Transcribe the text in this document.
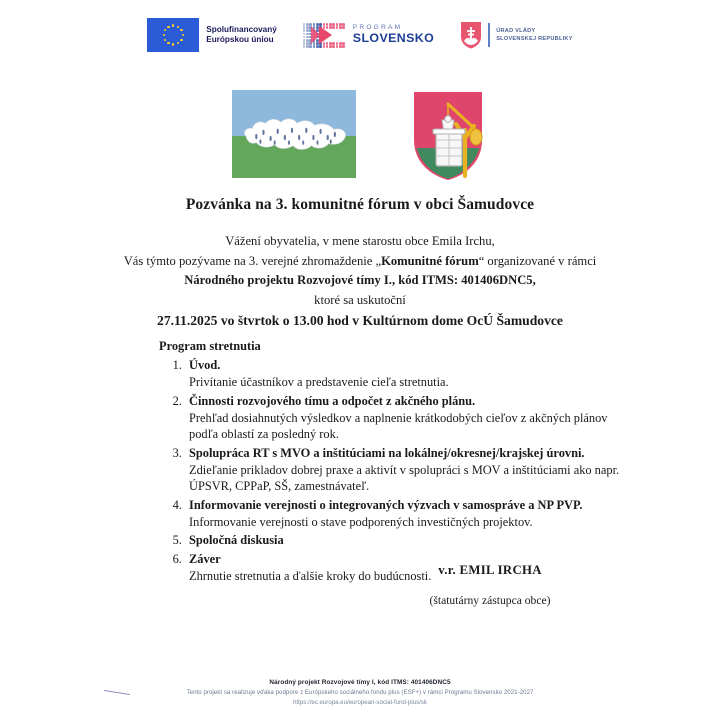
Spolufinancovaný
Európskou úniou
PROGRAM
SLOVENSKO
ÚRAD VLÁDY
SLOVENSKEJ REPUBLIKY
Pozvánka na 3. komunitné fórum v obci Šamudovce
Vážení obyvatelia, v mene starostu obce Emila Irchu,
Vás týmto pozývame na 3. verejné zhromaždenie „Komunitné fórum“ organizované v rámci
Národného projektu Rozvojové tímy I., kód ITMS: 401406DNC5,
ktoré sa uskutoční
27.11.2025 vo štvrtok o 13.00 hod v Kultúrnom dome OcÚ Šamudovce
Program stretnutia
1. Úvod.
Privítanie účastníkov a predstavenie cieľa stretnutia.
2. Činnosti rozvojového tímu a odpočet z akčného plánu.
Prehľad dosiahnutých výsledkov a naplnenie krátkodobých cieľov z akčných plánov podľa oblastí za posledný rok.
3. Spolupráca RT s MVO a inštitúciami na lokálnej/okresnej/krajskej úrovni.
Zdieľanie prikladov dobrej praxe a aktivít v spolupráci s MOV a inštitúciami ako napr. ÚPSVR, CPPaP, SŠ, zamestnávateľ.
4. Informovanie verejnosti o integrovaných výzvach v samospráve a NP PVP.
Informovanie verejnosti o stave podporených investičných projektov.
5. Spoločná diskusia
6. Záver
Zhrnutie stretnutia a ďalšie kroky do budúcnosti. v.r. EMIL IRCHA
(štatutárny zástupca obce)
Národný projekt Rozvojové tímy I, kód ITMS: 401406DNC5
Tento projekt sa realizuje vďaka podpore z Európskeho sociálneho fondu plus (ESF+) v rámci Programu Slovensko 2021-2027
https://ec.europa.eu/european-social-fund-plus/sk
